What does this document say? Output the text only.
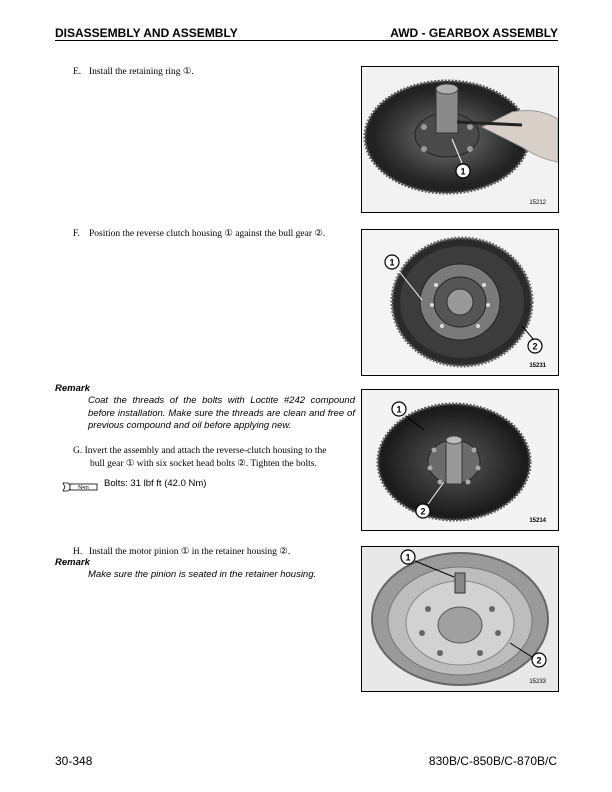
DISASSEMBLY AND ASSEMBLY	AWD - GEARBOX ASSEMBLY
E. Install the retaining ring ①.
1
15212
F. Position the reverse clutch housing ① against the bull gear ②.
1
2
15231
Remark
Coat the threads of the bolts with Loctite #242 compound before installation. Make sure the threads are clean and free of previous compound and oil before applying new.
G. Invert the assembly and attach the reverse-clutch housing to the
bull gear ① with six socket head bolts ②. Tighten the bolts.
N•m Bolts: 31 lbf ft (42.0 Nm)
1
2
15214
H. Install the motor pinion ① in the retainer housing ②.
Remark
Make sure the pinion is seated in the retainer housing.
1
2
15233
30-348	830B/C-850B/C-870B/C
